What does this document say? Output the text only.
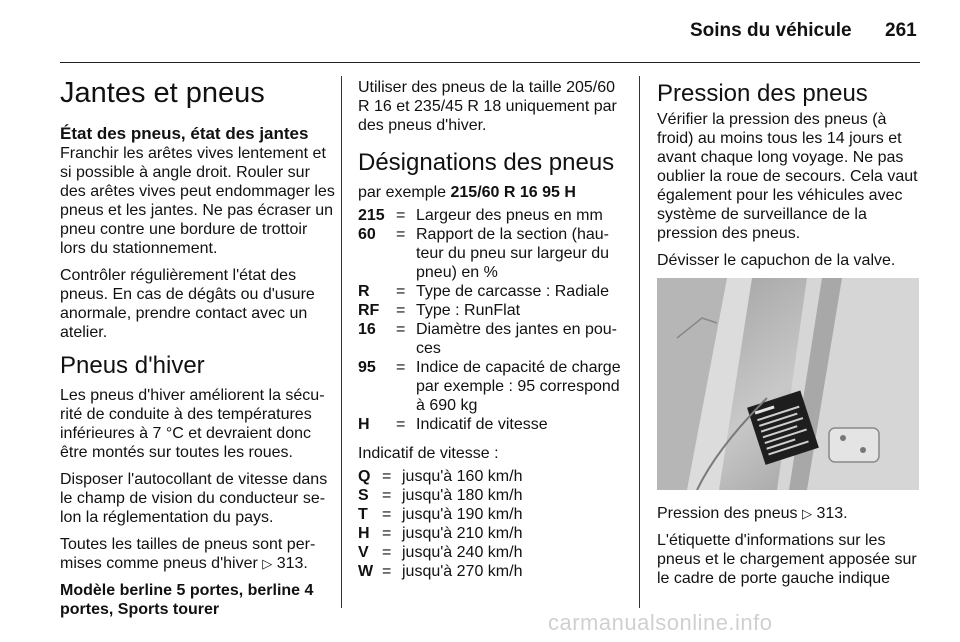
Soins du véhicule 261
Jantes et pneus
État des pneus, état des jantes

Franchir les arêtes vives lentement et si possible à angle droit. Rouler sur des arêtes vives peut endommager les pneus et les jantes. Ne pas écraser un pneu contre une bordure de trottoir lors du stationnement.

Contrôler régulièrement l'état des pneus. En cas de dégâts ou d'usure anormale, prendre contact avec un atelier.

Pneus d'hiver

Les pneus d'hiver améliorent la sécurité de conduite à des températures inférieures à 7 °C et devraient donc être montés sur toutes les roues.

Disposer l'autocollant de vitesse dans le champ de vision du conducteur selon la réglementation du pays.

Toutes les tailles de pneus sont permises comme pneus d'hiver ▷ 313.

Modèle berline 5 portes, berline 4 portes, Sports tourer

Utiliser des pneus de la taille 205/60 R 16 et 235/45 R 18 uniquement par des pneus d'hiver.

Désignations des pneus

par exemple 215/60 R 16 95 H

215	=	Largeur des pneus en mm
60	=	Rapport de la section (hauteur du pneu sur largeur du pneu) en %
R	=	Type de carcasse : Radiale
RF	=	Type : RunFlat
16	=	Diamètre des jantes en pouces
95	=	Indice de capacité de charge par exemple : 95 correspond à 690 kg
H	=	Indicatif de vitesse

Indicatif de vitesse :

Q	=	jusqu'à 160 km/h
S	=	jusqu'à 180 km/h
T	=	jusqu'à 190 km/h
H	=	jusqu'à 210 km/h
V	=	jusqu'à 240 km/h
W	=	jusqu'à 270 km/h
Pression des pneus

Vérifier la pression des pneus (à froid) au moins tous les 14 jours et avant chaque long voyage. Ne pas oublier la roue de secours. Cela vaut également pour les véhicules avec système de surveillance de la pression des pneus.

Dévisser le capuchon de la valve.

Pression des pneus ▷ 313.

L'étiquette d'informations sur les pneus et le chargement apposée sur le cadre de porte gauche indique

carmanualsonline.info
